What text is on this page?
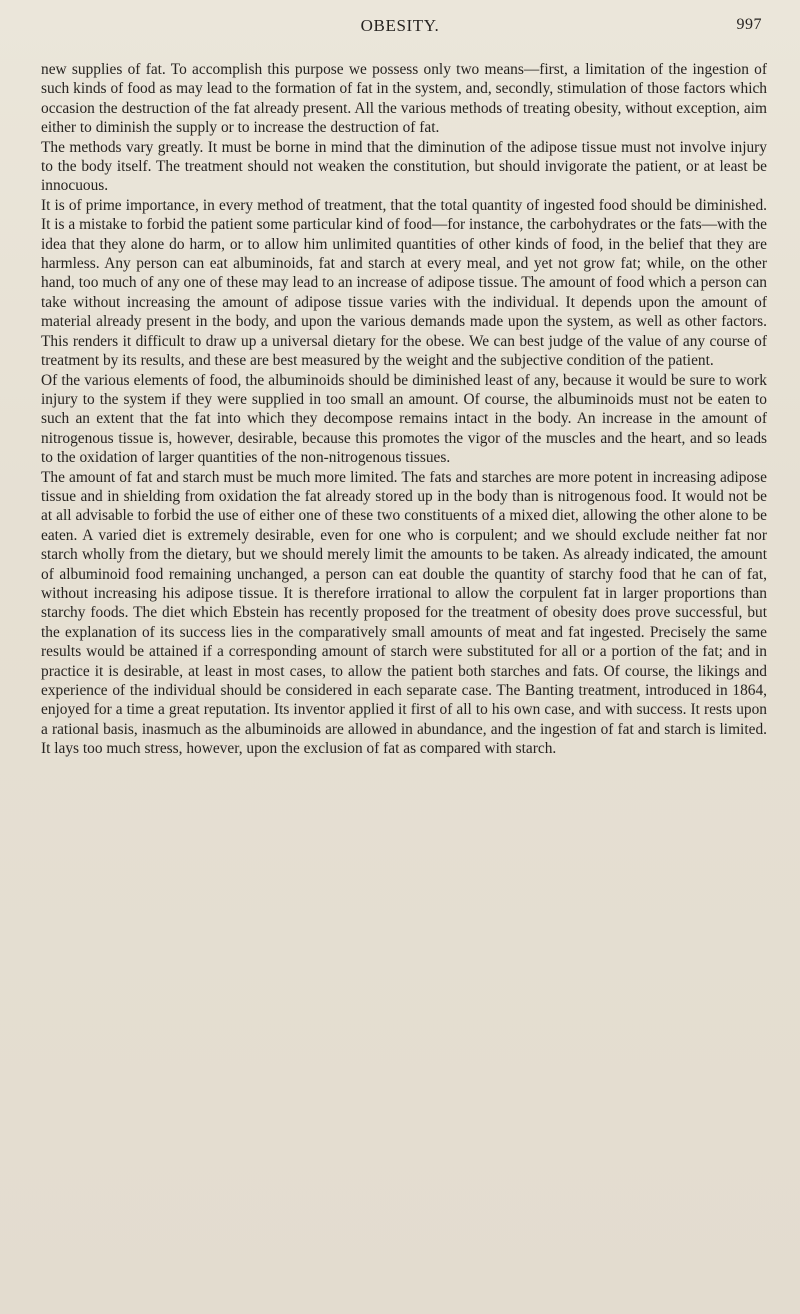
OBESITY.	997

new supplies of fat. To accomplish this purpose we possess only two means—first, a limitation of the ingestion of such kinds of food as may lead to the formation of fat in the system, and, secondly, stimulation of those factors which occasion the destruction of the fat already present. All the various methods of treating obesity, without exception, aim either to diminish the supply or to increase the destruction of fat.

The methods vary greatly. It must be borne in mind that the diminution of the adipose tissue must not involve injury to the body itself. The treatment should not weaken the constitution, but should invigorate the patient, or at least be innocuous.

It is of prime importance, in every method of treatment, that the total quantity of ingested food should be diminished. It is a mistake to forbid the patient some particular kind of food—for instance, the carbohydrates or the fats—with the idea that they alone do harm, or to allow him unlimited quantities of other kinds of food, in the belief that they are harmless. Any person can eat albuminoids, fat and starch at every meal, and yet not grow fat; while, on the other hand, too much of any one of these may lead to an increase of adipose tissue. The amount of food which a person can take without increasing the amount of adipose tissue varies with the individual. It depends upon the amount of material already present in the body, and upon the various demands made upon the system, as well as other factors. This renders it difficult to draw up a universal dietary for the obese. We can best judge of the value of any course of treatment by its results, and these are best measured by the weight and the subjective condition of the patient.

Of the various elements of food, the albuminoids should be diminished least of any, because it would be sure to work injury to the system if they were supplied in too small an amount. Of course, the albuminoids must not be eaten to such an extent that the fat into which they decompose remains intact in the body. An increase in the amount of nitrogenous tissue is, however, desirable, because this promotes the vigor of the muscles and the heart, and so leads to the oxidation of larger quantities of the non-nitrogenous tissues.

The amount of fat and starch must be much more limited. The fats and starches are more potent in increasing adipose tissue and in shielding from oxidation the fat already stored up in the body than is nitrogenous food. It would not be at all advisable to forbid the use of either one of these two constituents of a mixed diet, allowing the other alone to be eaten. A varied diet is extremely desirable, even for one who is corpulent; and we should exclude neither fat nor starch wholly from the dietary, but we should merely limit the amounts to be taken. As already indicated, the amount of albuminoid food remaining unchanged, a person can eat double the quantity of starchy food that he can of fat, without increasing his adipose tissue. It is therefore irrational to allow the corpulent fat in larger proportions than starchy foods. The diet which Ebstein has recently proposed for the treatment of obesity does prove successful, but the explanation of its success lies in the comparatively small amounts of meat and fat ingested. Precisely the same results would be attained if a corresponding amount of starch were substituted for all or a portion of the fat; and in practice it is desirable, at least in most cases, to allow the patient both starches and fats. Of course, the likings and experience of the individual should be considered in each separate case. The Banting treatment, introduced in 1864, enjoyed for a time a great reputation. Its inventor applied it first of all to his own case, and with success. It rests upon a rational basis, inasmuch as the albuminoids are allowed in abundance, and the ingestion of fat and starch is limited. It lays too much stress, however, upon the exclusion of fat as compared with starch.
